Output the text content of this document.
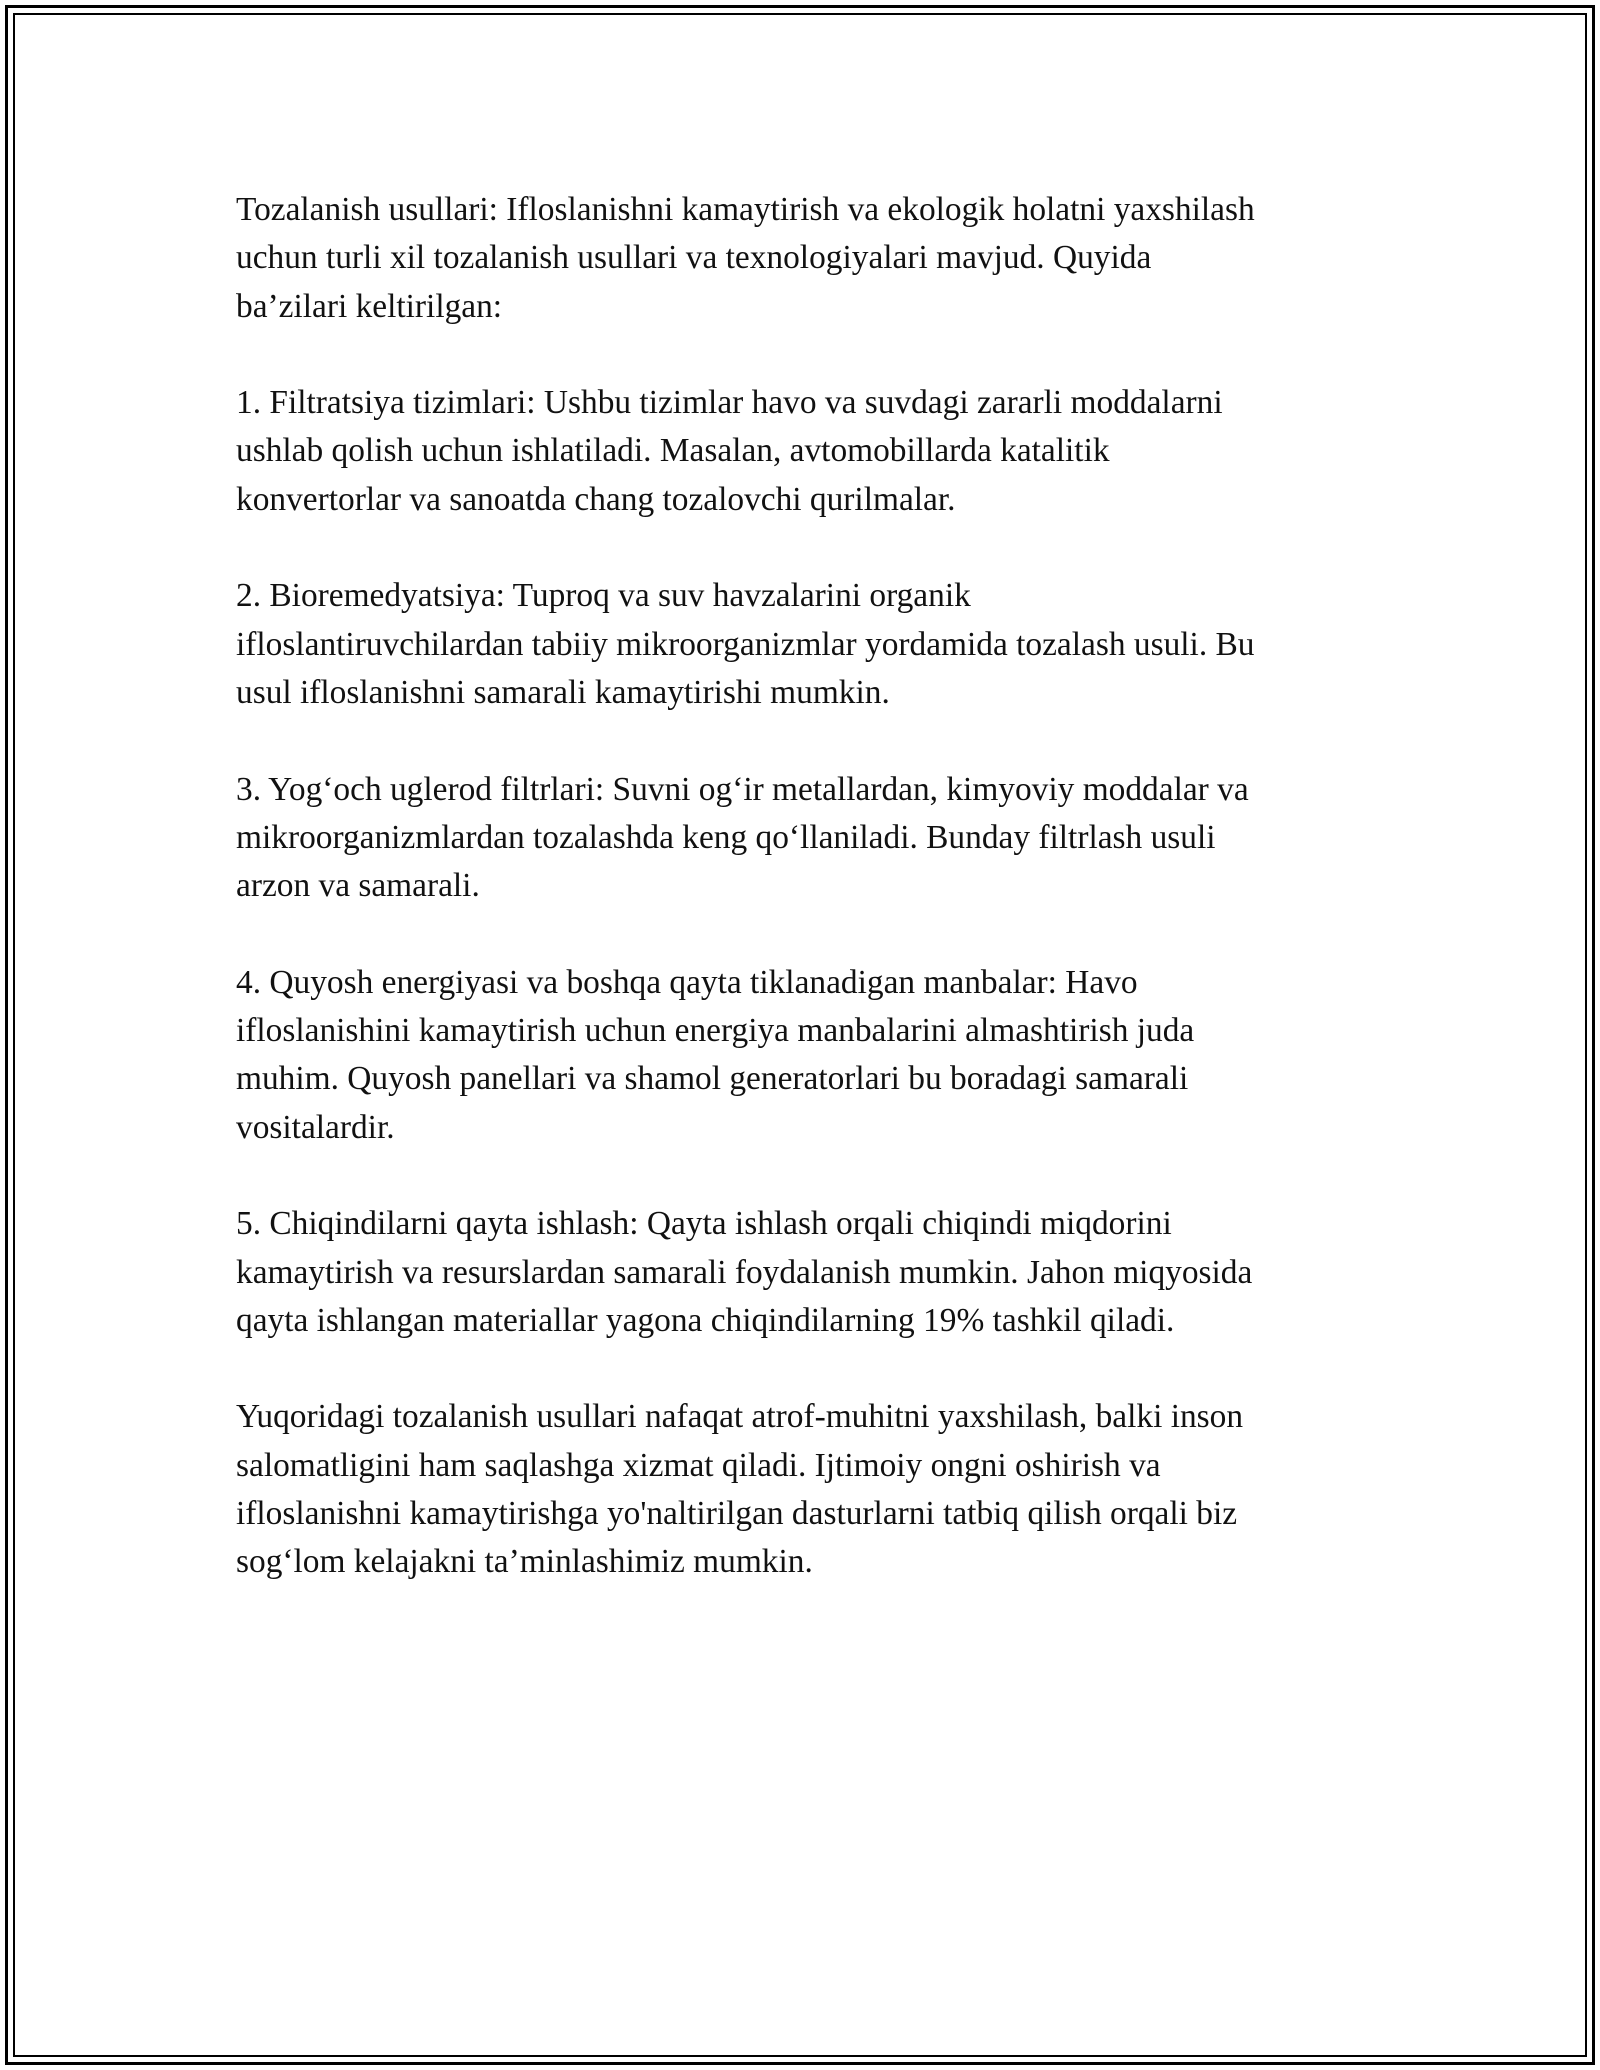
Tozalanish usullari: Ifloslanishni kamaytirish va ekologik holatni yaxshilash
uchun turli xil tozalanish usullari va texnologiyalari mavjud. Quyida
ba’zilari keltirilgan:

1. Filtratsiya tizimlari: Ushbu tizimlar havo va suvdagi zararli moddalarni
ushlab qolish uchun ishlatiladi. Masalan, avtomobillarda katalitik
konvertorlar va sanoatda chang tozalovchi qurilmalar.

2. Bioremedyatsiya: Tuproq va suv havzalarini organik
ifloslantiruvchilardan tabiiy mikroorganizmlar yordamida tozalash usuli. Bu
usul ifloslanishni samarali kamaytirishi mumkin.

3. Yog‘och uglerod filtrlari: Suvni og‘ir metallardan, kimyoviy moddalar va
mikroorganizmlardan tozalashda keng qo‘llaniladi. Bunday filtrlash usuli
arzon va samarali.

4. Quyosh energiyasi va boshqa qayta tiklanadigan manbalar: Havo
ifloslanishini kamaytirish uchun energiya manbalarini almashtirish juda
muhim. Quyosh panellari va shamol generatorlari bu boradagi samarali
vositalardir.

5. Chiqindilarni qayta ishlash: Qayta ishlash orqali chiqindi miqdorini
kamaytirish va resurslardan samarali foydalanish mumkin. Jahon miqyosida
qayta ishlangan materiallar yagona chiqindilarning 19% tashkil qiladi.

Yuqoridagi tozalanish usullari nafaqat atrof-muhitni yaxshilash, balki inson
salomatligini ham saqlashga xizmat qiladi. Ijtimoiy ongni oshirish va
ifloslanishni kamaytirishga yo'naltirilgan dasturlarni tatbiq qilish orqali biz
sog‘lom kelajakni ta’minlashimiz mumkin.
